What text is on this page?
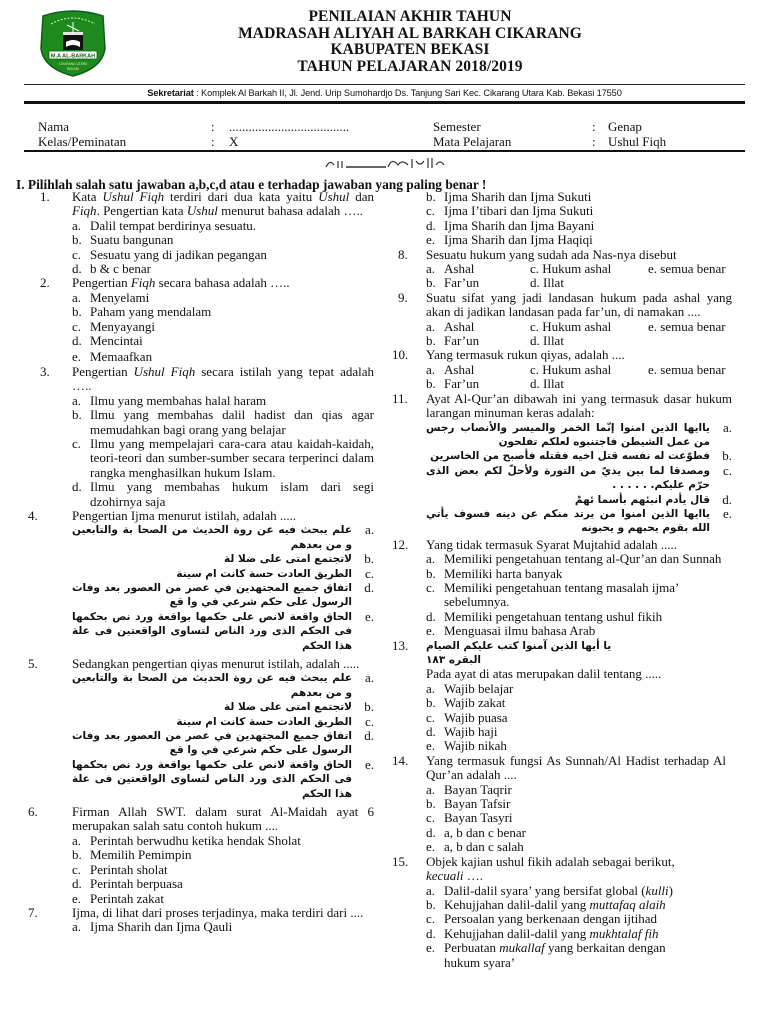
M.A AL-BARKAH
CIKARANG UTARA
BEKASI
PENILAIAN AKHIR TAHUN
MADRASAH ALIYAH AL BARKAH CIKARANG
KABUPATEN BEKASI
TAHUN PELAJARAN 2018/2019
Sekretariat : Komplek Al Barkah II, Jl. Jend. Urip Sumohardjo Ds. Tanjung Sari Kec. Cikarang Utara Kab. Bekasi 17550
Nama	: .....................................
Kelas/Peminatan	: X
Semester	: Genap
Mata Pelajaran	: Ushul Fiqh
I. Pilihlah salah satu jawaban a,b,c,d atau e terhadap jawaban yang paling benar !
1. Kata Ushul Fiqh terdiri dari dua kata yaitu Ushul dan Fiqh. Pengertian kata Ushul menurut bahasa adalah …..
a. Dalil tempat berdirinya sesuatu.
b. Suatu bangunan
c. Sesuatu yang di jadikan pegangan
d. b & c benar
2. Pengertian Fiqh secara bahasa adalah …..
a. Menyelami
b. Paham yang mendalam
c. Menyayangi
d. Mencintai
e. Memaafkan
3. Pengertian Ushul Fiqh secara istilah yang tepat adalah …..
a. Ilmu yang membahas halal haram
b. Ilmu yang membahas dalil hadist dan qias agar memudahkan bagi orang yang belajar
c. Ilmu yang mempelajari cara-cara atau kaidah-kaidah, teori-teori dan sumber-sumber secara terperinci dalam rangka menghasilkan hukum Islam.
d. Ilmu yang membahas hukum islam dari segi dzohirnya saja
4.	Pengertian Ijma menurut istilah, adalah .....
a.
علم يبحث فيه عن روة الحديث من الصحا بة والتابعين و من بعدهم
b.
لاتجتمع امتى على ضلا لة
c.
الطريق العادت حسة كانت ام سينة
d.
اتفاق جميع المجتهدين في عصر من العصور بعد وفات الرسول على حكم شرعي في وا قع
e.
الحاق واقعة لانص على حكمها بواقعة ورد نص بحكمها فى الحكم الذى ورد الناص لتساوى الواقعتين فى علة هذا الحكم
5.	Sedangkan pengertian qiyas menurut istilah, adalah .....
a.
علم يبحث فيه عن روة الحديث من الصحا بة والتابعين و من بعدهم
b.
لاتجتمع امتى على ضلا لة
c.
الطريق العادت حسة كانت ام سينة
d.
اتفاق جميع المجتهدين في عصر من العصور بعد وفات الرسول على حكم شرعي في وا قع
e.
الحاق واقعة لانص على حكمها بواقعة ورد نص بحكمها فى الحكم الذى ورد الناص لتساوى الواقعتين فى علة هذا الحكم
6.	Firman Allah SWT. dalam surat Al-Maidah ayat 6 merupakan salah satu contoh hukum ....
a. Perintah berwudhu ketika hendak Sholat
b. Memilih Pemimpin
c. Perintah sholat
d. Perintah berpuasa
e. Perintah zakat
7.	Ijma, di lihat dari proses terjadinya, maka terdiri dari ....
a. Ijma Sharih dan Ijma Qauli
b. Ijma Sharih dan Ijma Sukuti
c. Ijma I’tibari dan Ijma Sukuti
d. Ijma Sharih dan Ijma Bayani
e. Ijma Sharih dan Ijma Haqiqi
8. Sesuatu hukum yang sudah ada Nas-nya disebut
a. Ashal	c. Hukum ashal	e. semua benar
b. Far’un	d. Illat
9. Suatu sifat yang jadi landasan hukum pada ashal yang akan di jadikan landasan pada far’un, di namakan ....
a. Ashal	c. Hukum ashal	e. semua benar
b. Far’un	d. Illat
10. Yang termasuk rukun qiyas, adalah ....
a. Ashal	c. Hukum ashal	e. semua benar
b. Far’un	d. Illat
11. Ayat Al-Qur’an dibawah ini yang termasuk dasar hukum larangan minuman keras adalah:
a.
ياايها الذين امنوا إنّما الخمر والميسر والأنصاب رجس من عمل الشيطن فاجتنبوه لعلكم تفلحون
b.
فطوّعت له نفسه قتل اخيه فقتله فأصبح من الخاسرين
c.
ومصدقا لما بين يديّ من التورة ولأحلّ لكم بعض الذى حرّم عليكم. . . . . .
d.
قال يأدم انبئهم بأسما ئهمْ
e.
ياايها الذين امنوا من يرتد منكم عن دينه فسوف يأتي الله بقوم يحبهم و يحبونه
12. Yang tidak termasuk Syarat Mujtahid adalah .....
a. Memiliki pengetahuan tentang al-Qur’an dan Sunnah
b. Memiliki harta banyak
c. Memiliki pengetahuan tentang masalah ijma’ sebelumnya.
d. Memiliki pengetahuan tentang ushul fikih
e. Menguasai ilmu bahasa Arab
13. يا أيها الذين آمنوا كتب عليكم الصيام البقره ١٨٣
Pada ayat di atas merupakan dalil tentang .....
a. Wajib belajar
b. Wajib zakat
c. Wajib puasa
d. Wajib haji
e. Wajib nikah
14. Yang termasuk fungsi As Sunnah/Al Hadist terhadap Al Qur’an adalah ....
a. Bayan Taqrir
b. Bayan Tafsir
c. Bayan Tasyri
d. a, b dan c benar
e. a, b dan c salah
15. Objek kajian ushul fikih adalah sebagai berikut,
kecuali ….
a. Dalil-dalil syara’ yang bersifat global (kulli)
b. Kehujjahan dalil-dalil yang muttafaq alaih
c. Persoalan yang berkenaan dengan ijtihad
d. Kehujjahan dalil-dalil yang mukhtalaf fih
e. Perbuatan mukallaf yang berkaitan dengan hukum syara’
